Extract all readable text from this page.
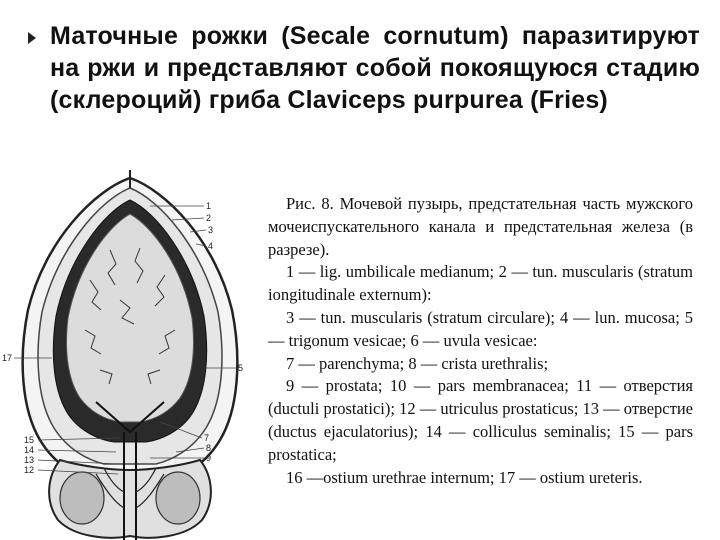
Маточные рожки (Secale cornutum) паразитируют на ржи и представляют собой покоящуюся стадию (склероций) гриба Claviceps purpurea (Fries)
1
2
3
4
5
7
8
9
17
15
14
13
12

Рис. 8. Мочевой пузырь, предстательная часть мужского мочеиспускательного канала и предстательная железа (в разрезе).

1 — lig. umbilicale medianum; 2 — tun. muscularis (stratum iongitudinale externum):

3 — tun. muscularis (stratum circulare); 4 — lun. mucosa; 5 — trigonum vesicae; 6 — uvula vesicae:

7 — parenchyma; 8 — crista urethralis;

9 — prostata; 10 — pars membranacea; 11 — отверстия (ductuli prostatici); 12 — utriculus prostaticus; 13 — отверстие (ductus ejaculatorius); 14 — colliculus seminalis; 15 — pars prostatica;

16 —ostium urethrae internum; 17 — ostium ureteris.
